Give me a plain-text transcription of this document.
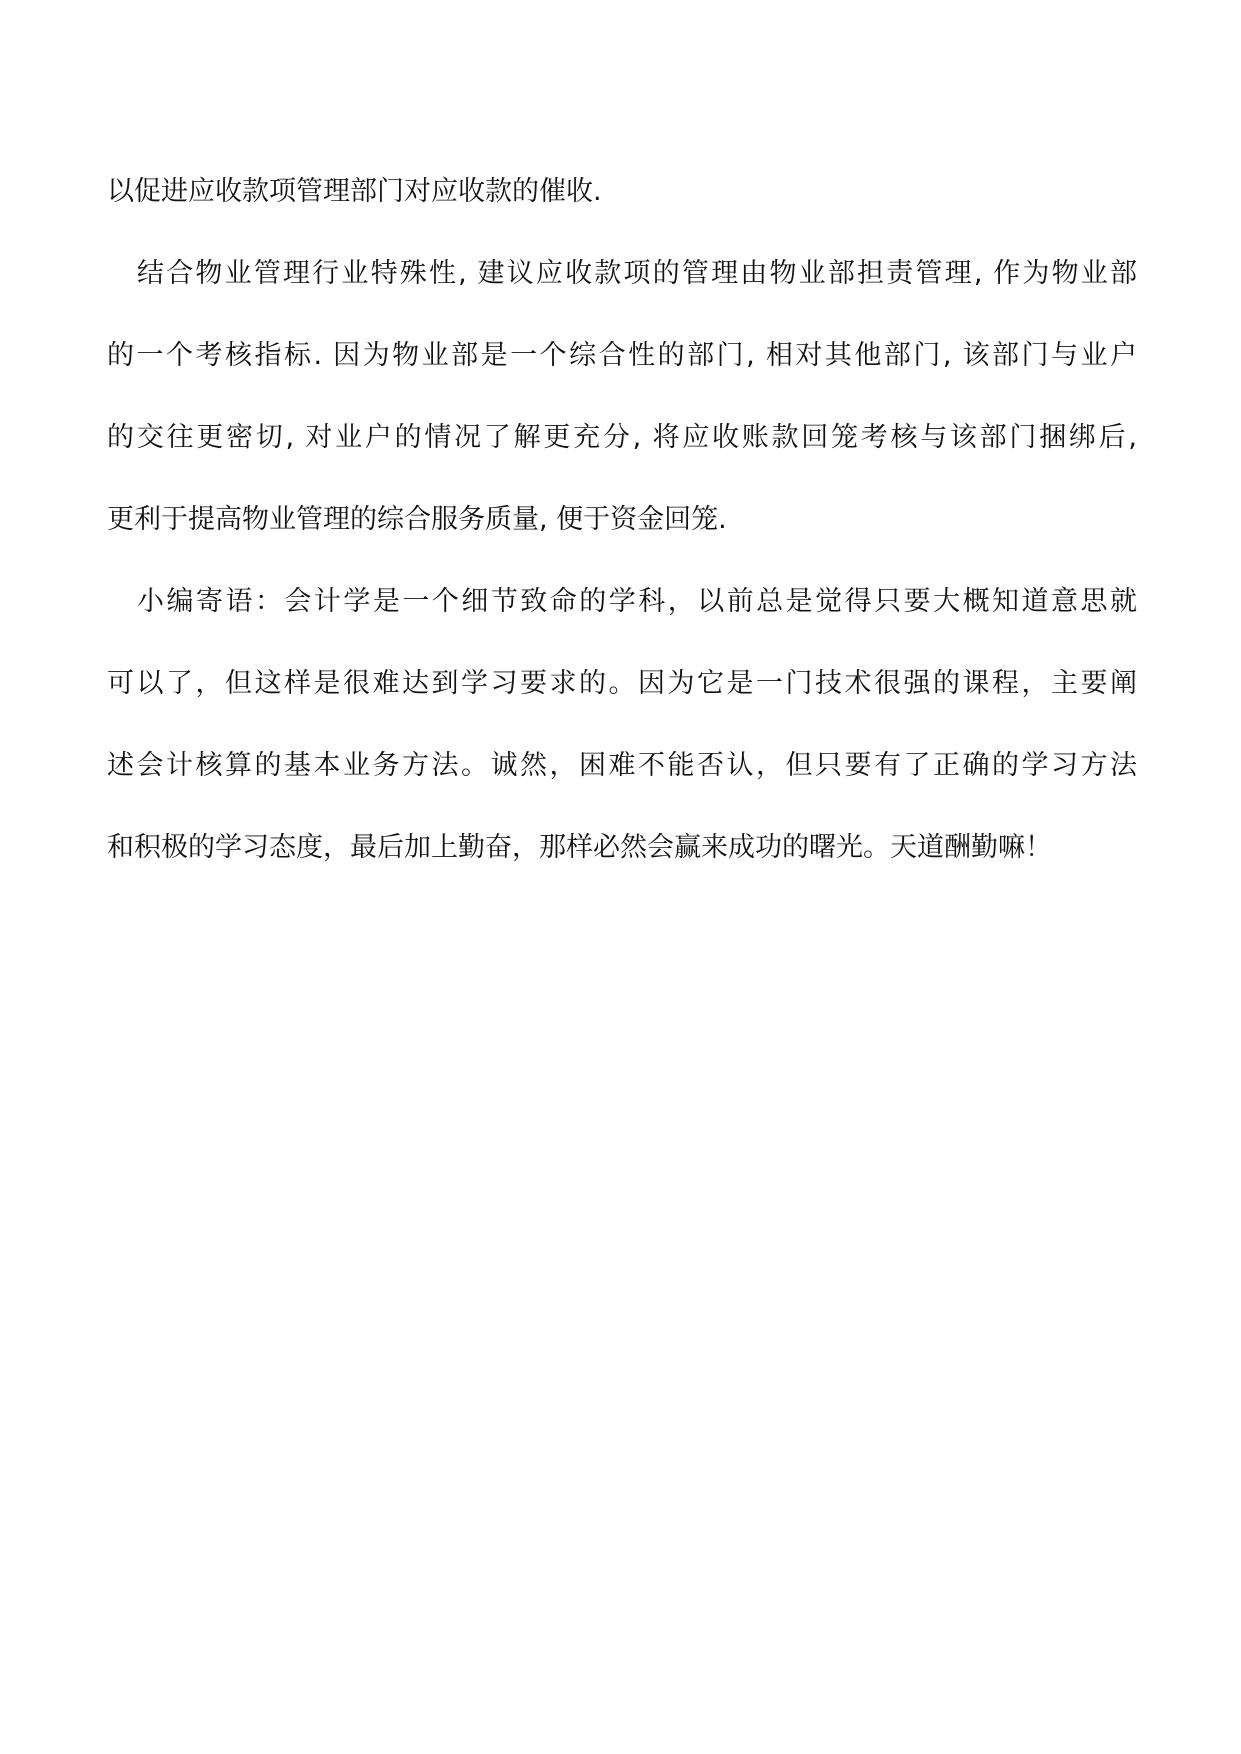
以促进应收款项管理部门对应收款的催收.
结合物业管理行业特殊性, 建议应收款项的管理由物业部担责管理, 作为物业部
的一个考核指标. 因为物业部是一个综合性的部门, 相对其他部门, 该部门与业户
的交往更密切, 对业户的情况了解更充分, 将应收账款回笼考核与该部门捆绑后,
更利于提高物业管理的综合服务质量, 便于资金回笼.
小编寄语：会计学是一个细节致命的学科，以前总是觉得只要大概知道意思就
可以了，但这样是很难达到学习要求的。因为它是一门技术很强的课程，主要阐
述会计核算的基本业务方法。诚然，困难不能否认，但只要有了正确的学习方法
和积极的学习态度，最后加上勤奋，那样必然会赢来成功的曙光。天道酬勤嘛！
